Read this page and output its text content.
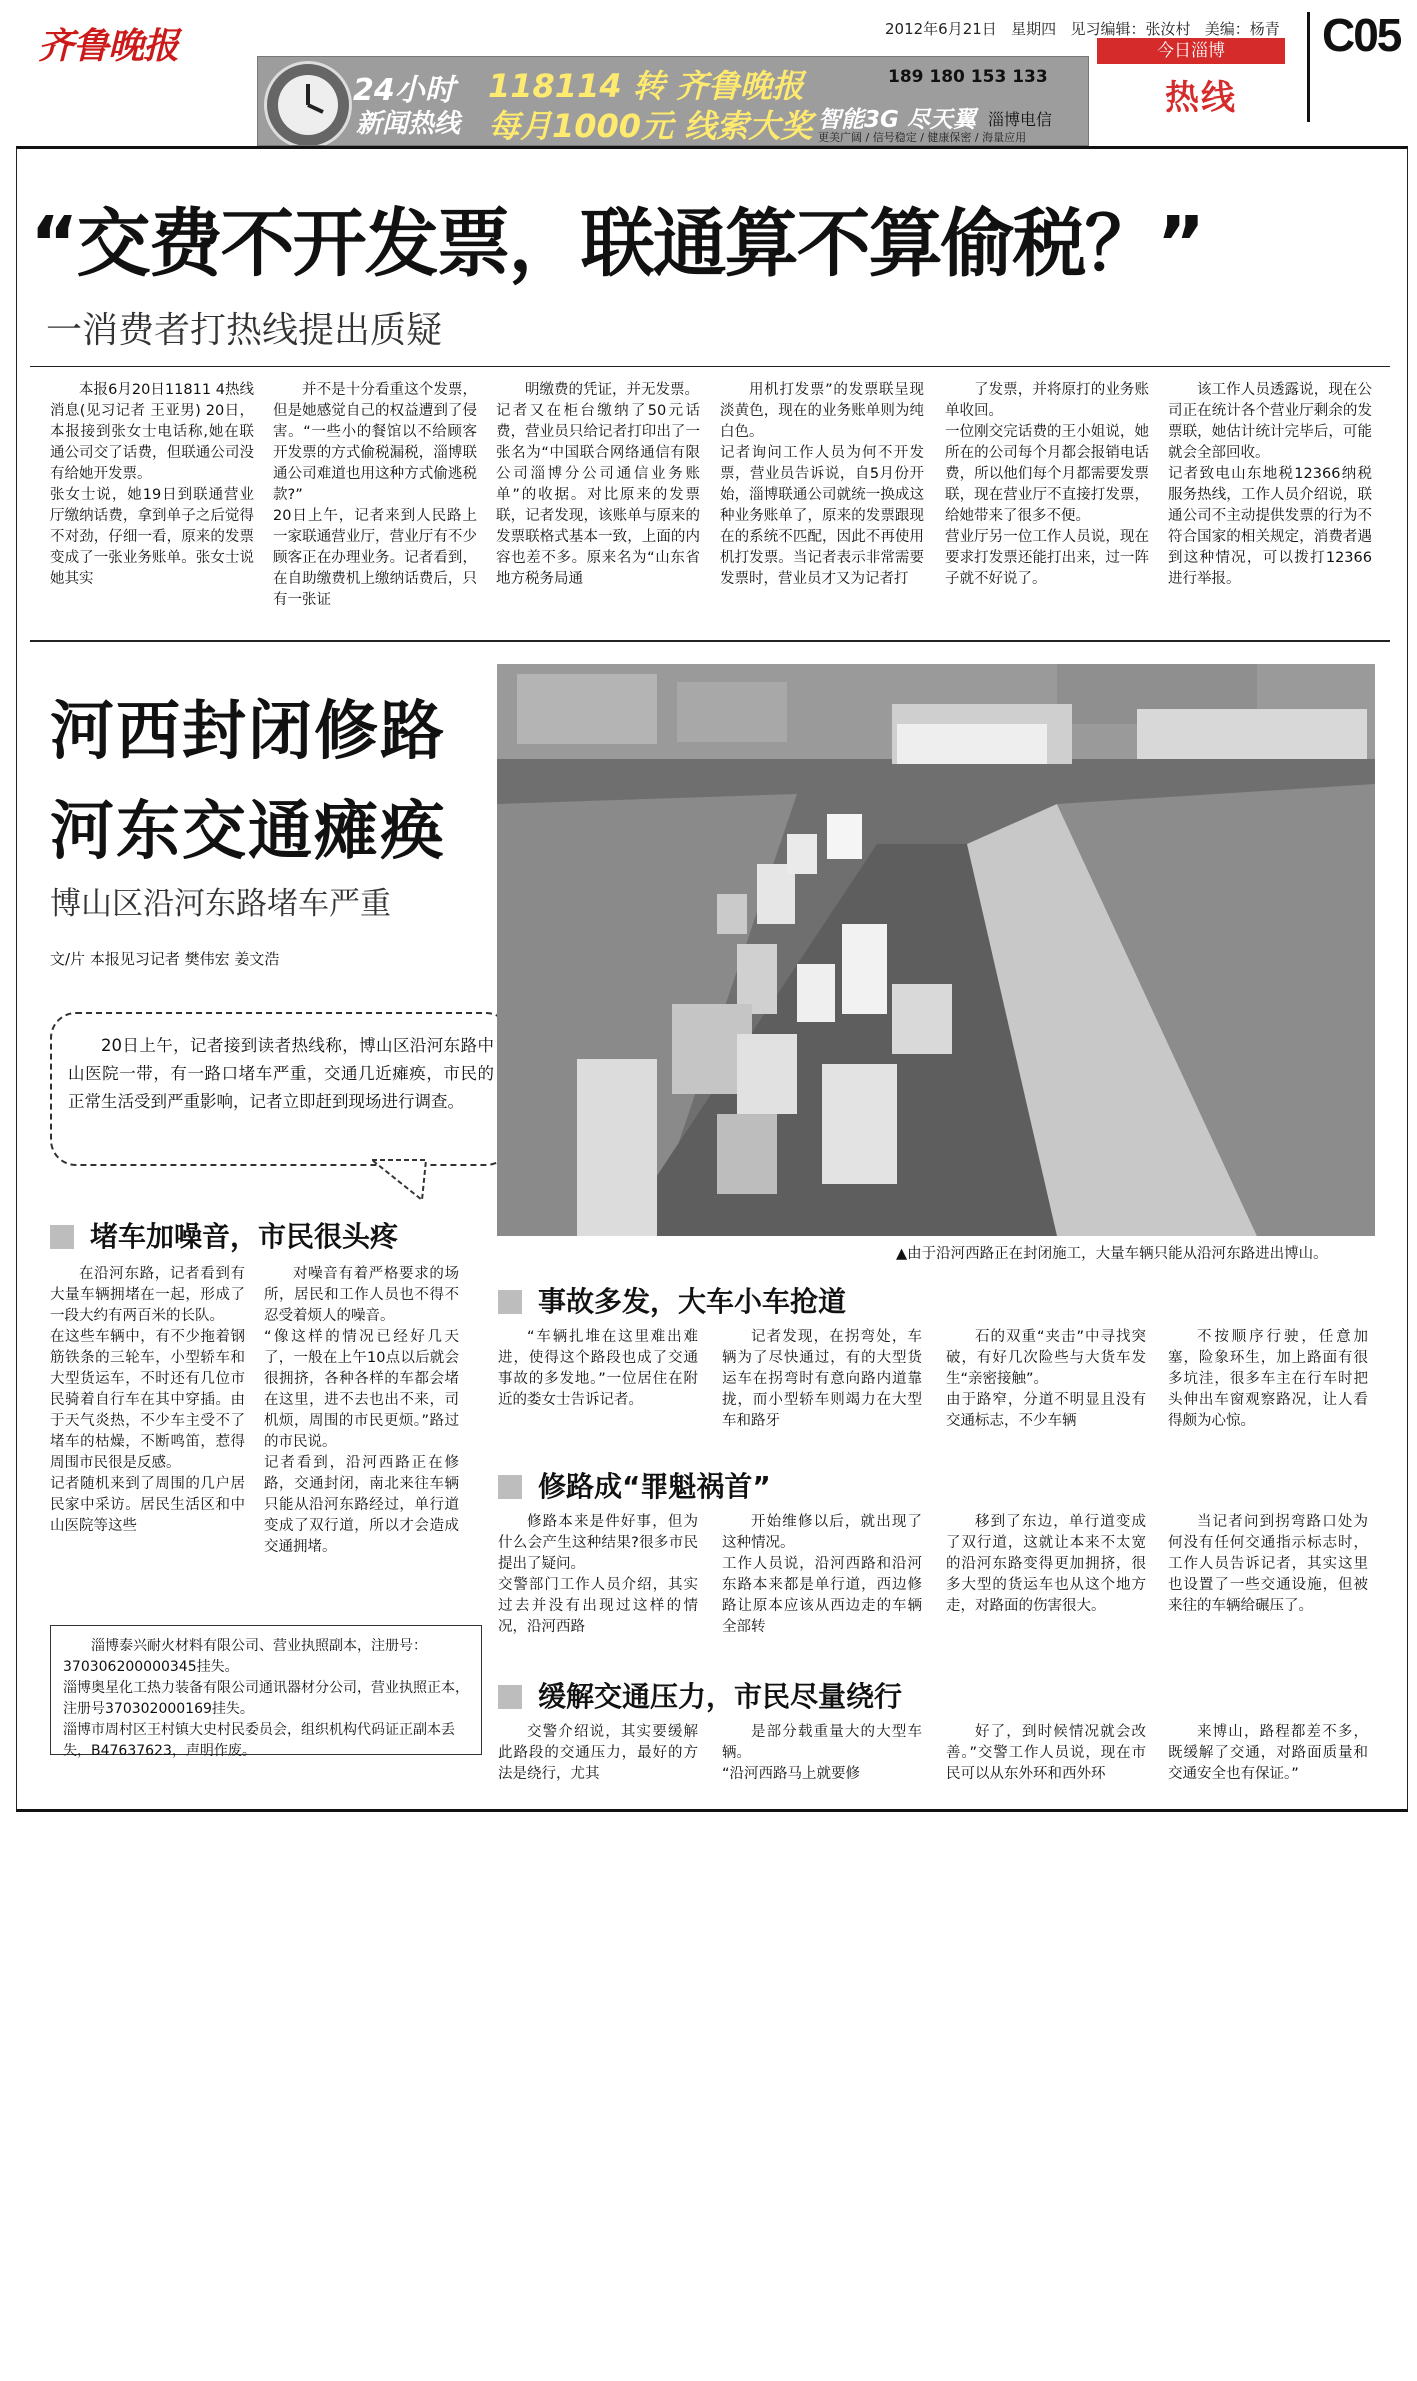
齐鲁晚报	2012年6月21日 星期四 见习编辑：张汝村 美编：杨青 C05
今日淄博
热线
24小时
新闻热线
118114 转 齐鲁晚报
每月1000元 线索大奖
189 180 153 133
智能3G 尽天翼 淄博电信
更美广阔 / 信号稳定 / 健康保密 / 海量应用
“交费不开发票，联通算不算偷税？”
一消费者打热线提出质疑
本报6月20日11811 4热线消息(见习记者 王亚男) 20日，本报接到张女士电话称,她在联通公司交了话费，但联通公司没有给她开发票。
张女士说，她19日到联通营业厅缴纳话费，拿到单子之后觉得不对劲，仔细一看，原来的发票变成了一张业务账单。张女士说她其实
并不是十分看重这个发票，但是她感觉自己的权益遭到了侵害。“一些小的餐馆以不给顾客开发票的方式偷税漏税，淄博联通公司难道也用这种方式偷逃税款?”
20日上午，记者来到人民路上一家联通营业厅，营业厅有不少顾客正在办理业务。记者看到，在自助缴费机上缴纳话费后，只有一张证
明缴费的凭证，并无发票。
记者又在柜台缴纳了50元话费，营业员只给记者打印出了一张名为“中国联合网络通信有限公司淄博分公司通信业务账单”的收据。对比原来的发票联，记者发现，该账单与原来的发票联格式基本一致，上面的内容也差不多。原来名为“山东省地方税务局通
用机打发票”的发票联呈现淡黄色，现在的业务账单则为纯白色。
记者询问工作人员为何不开发票，营业员告诉说，自5月份开始，淄博联通公司就统一换成这种业务账单了，原来的发票跟现在的系统不匹配，因此不再使用机打发票。当记者表示非常需要发票时，营业员才又为记者打
了发票，并将原打的业务账单收回。
一位刚交完话费的王小姐说，她所在的公司每个月都会报销电话费，所以他们每个月都需要发票联，现在营业厅不直接打发票，给她带来了很多不便。
营业厅另一位工作人员说，现在要求打发票还能打出来，过一阵子就不好说了。
该工作人员透露说，现在公司正在统计各个营业厅剩余的发票联，她估计统计完毕后，可能就会全部回收。
记者致电山东地税12366纳税服务热线，工作人员介绍说，联通公司不主动提供发票的行为不符合国家的相关规定，消费者遇到这种情况，可以拨打12366进行举报。
河西封闭修路
河东交通瘫痪
博山区沿河东路堵车严重
文/片 本报见习记者 樊伟宏 姜文浩
20日上午，记者接到读者热线称，博山区沿河东路中山医院一带，有一路口堵车严重，交通几近瘫痪，市民的正常生活受到严重影响，记者立即赶到现场进行调查。
▲由于沿河西路正在封闭施工，大量车辆只能从沿河东路进出博山。
堵车加噪音，市民很头疼
在沿河东路，记者看到有大量车辆拥堵在一起，形成了一段大约有两百米的长队。
在这些车辆中，有不少拖着钢筋铁条的三轮车，小型轿车和大型货运车，不时还有几位市民骑着自行车在其中穿插。由于天气炎热，不少车主受不了堵车的枯燥，不断鸣笛，惹得周围市民很是反感。
记者随机来到了周围的几户居民家中采访。居民生活区和中山医院等这些
对噪音有着严格要求的场所，居民和工作人员也不得不忍受着烦人的噪音。
“像这样的情况已经好几天了，一般在上午10点以后就会很拥挤，各种各样的车都会堵在这里，进不去也出不来，司机烦，周围的市民更烦。”路过的市民说。
记者看到，沿河西路正在修路，交通封闭，南北来往车辆只能从沿河东路经过，单行道变成了双行道，所以才会造成交通拥堵。
事故多发，大车小车抢道
“车辆扎堆在这里难出难进，使得这个路段也成了交通事故的多发地。”一位居住在附近的娄女士告诉记者。
记者发现，在拐弯处，车辆为了尽快通过，有的大型货运车在拐弯时有意向路内道靠拢，而小型轿车则竭力在大型车和路牙
石的双重“夹击”中寻找突破，有好几次险些与大货车发生“亲密接触”。
由于路窄，分道不明显且没有交通标志，不少车辆
不按顺序行驶，任意加塞，险象环生，加上路面有很多坑洼，很多车主在行车时把头伸出车窗观察路况，让人看得颇为心惊。
修路成“罪魁祸首”
修路本来是件好事，但为什么会产生这种结果?很多市民提出了疑问。
交警部门工作人员介绍，其实过去并没有出现过这样的情况，沿河西路
开始维修以后，就出现了这种情况。
工作人员说，沿河西路和沿河东路本来都是单行道，西边修路让原本应该从西边走的车辆全部转
移到了东边，单行道变成了双行道，这就让本来不太宽的沿河东路变得更加拥挤，很多大型的货运车也从这个地方走，对路面的伤害很大。
当记者问到拐弯路口处为何没有任何交通指示标志时，工作人员告诉记者，其实这里也设置了一些交通设施，但被来往的车辆给碾压了。
淄博泰兴耐火材料有限公司、营业执照副本，注册号：370306200000345挂失。
淄博奥星化工热力装备有限公司通讯器材分公司，营业执照正本，注册号370302000169挂失。
淄博市周村区王村镇大史村民委员会，组织机构代码证正副本丢失，B47637623，声明作废。
缓解交通压力，市民尽量绕行
交警介绍说，其实要缓解此路段的交通压力，最好的方法是绕行，尤其
是部分载重量大的大型车辆。
“沿河西路马上就要修
好了，到时候情况就会改善。”交警工作人员说，现在市民可以从东外环和西外环
来博山，路程都差不多，既缓解了交通，对路面质量和交通安全也有保证。”
